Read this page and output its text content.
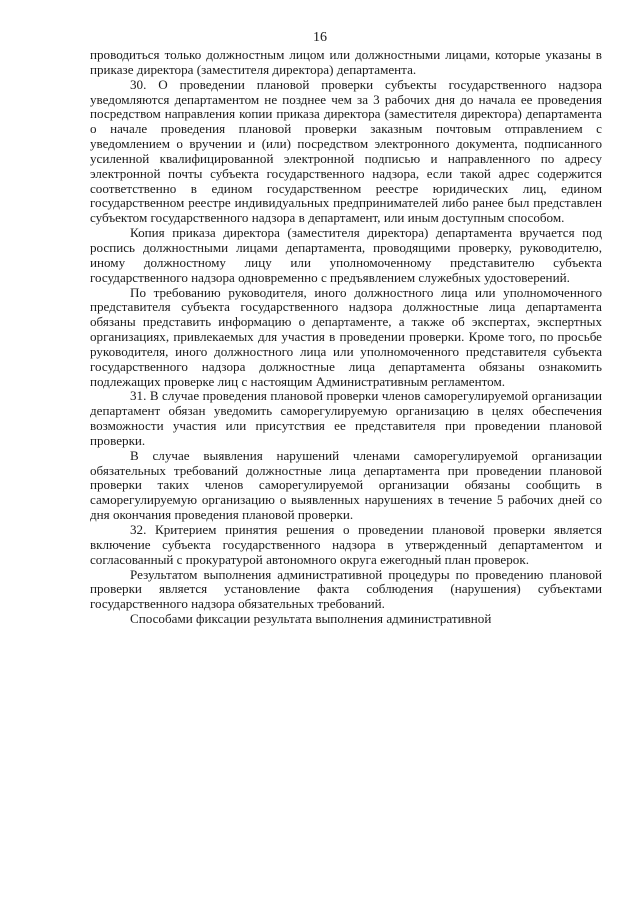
16

проводиться только должностным лицом или должностными лицами, которые указаны в приказе директора (заместителя директора) департамента.

30. О проведении плановой проверки субъекты государственного надзора уведомляются департаментом не позднее чем за 3 рабочих дня до начала ее проведения посредством направления копии приказа директора (заместителя директора) департамента о начале проведения плановой проверки заказным почтовым отправлением с уведомлением о вручении и (или) посредством электронного документа, подписанного усиленной квалифицированной электронной подписью и направленного по адресу электронной почты субъекта государственного надзора, если такой адрес содержится соответственно в едином государственном реестре юридических лиц, едином государственном реестре индивидуальных предпринимателей либо ранее был представлен субъектом государственного надзора в департамент, или иным доступным способом.

Копия приказа директора (заместителя директора) департамента вручается под роспись должностными лицами департамента, проводящими проверку, руководителю, иному должностному лицу или уполномоченному представителю субъекта государственного надзора одновременно с предъявлением служебных удостоверений.

По требованию руководителя, иного должностного лица или уполномоченного представителя субъекта государственного надзора должностные лица департамента обязаны представить информацию о департаменте, а также об экспертах, экспертных организациях, привлекаемых для участия в проведении проверки. Кроме того, по просьбе руководителя, иного должностного лица или уполномоченного представителя субъекта государственного надзора должностные лица департамента обязаны ознакомить подлежащих проверке лиц с настоящим Административным регламентом.

31. В случае проведения плановой проверки членов саморегулируемой организации департамент обязан уведомить саморегулируемую организацию в целях обеспечения возможности участия или присутствия ее представителя при проведении плановой проверки.

В случае выявления нарушений членами саморегулируемой организации обязательных требований должностные лица департамента при проведении плановой проверки таких членов саморегулируемой организации обязаны сообщить в саморегулируемую организацию о выявленных нарушениях в течение 5 рабочих дней со дня окончания проведения плановой проверки.

32. Критерием принятия решения о проведении плановой проверки является включение субъекта государственного надзора в утвержденный департаментом и согласованный с прокуратурой автономного округа ежегодный план проверок.

Результатом выполнения административной процедуры по проведению плановой проверки является установление факта соблюдения (нарушения) субъектами государственного надзора обязательных требований.

Способами фиксации результата выполнения административной
